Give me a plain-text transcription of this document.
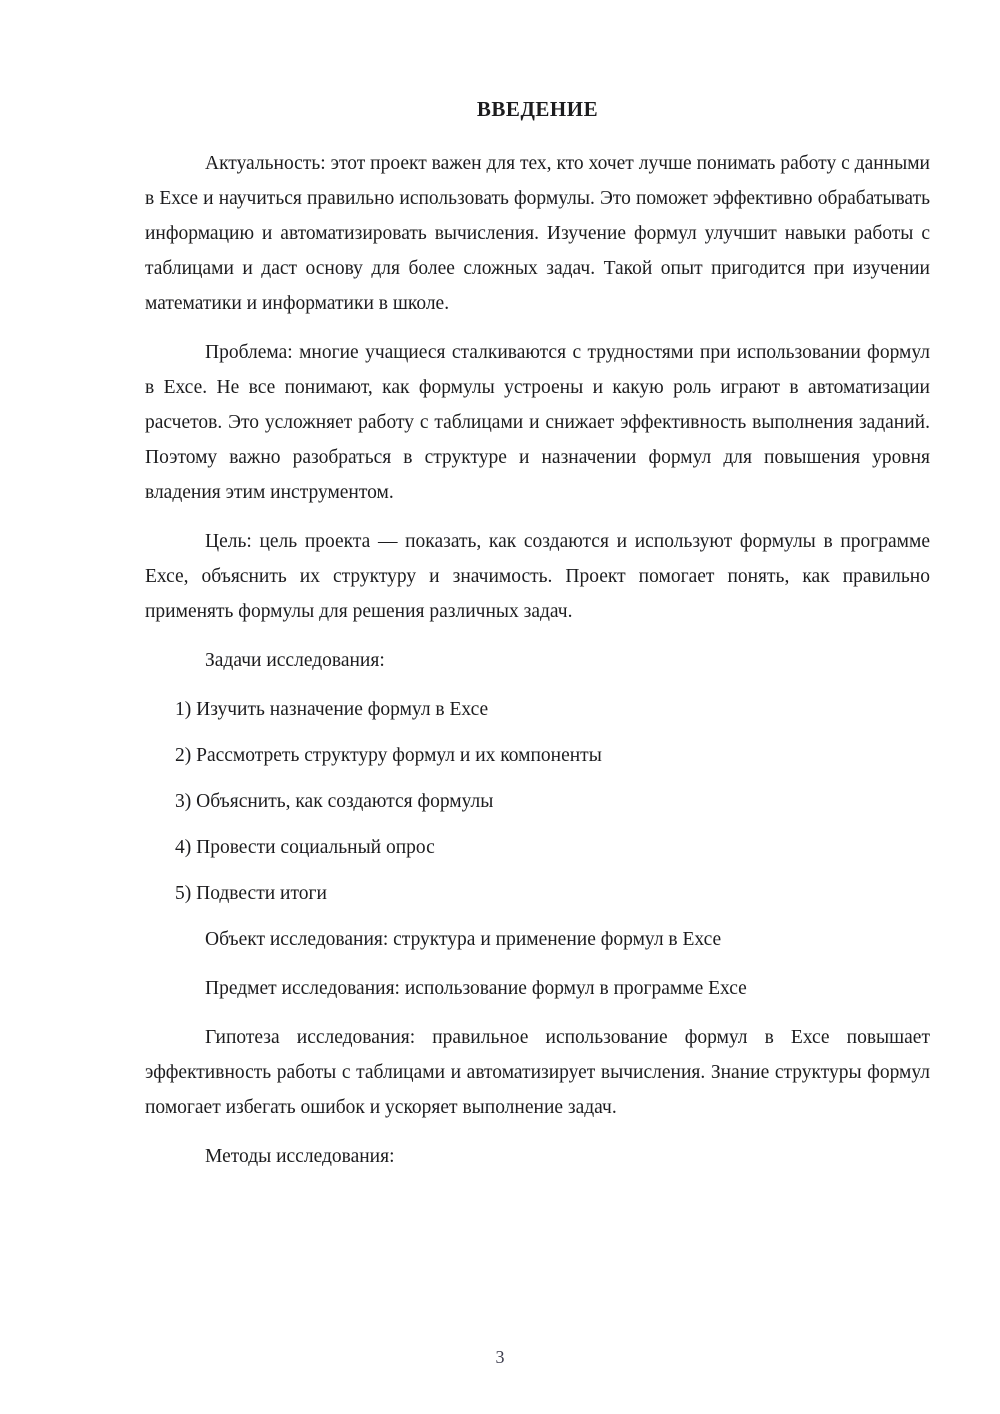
ВВЕДЕНИЕ

Актуальность: этот проект важен для тех, кто хочет лучше понимать работу с данными в Ехсе и научиться правильно использовать формулы. Это поможет эффективно обрабатывать информацию и автоматизировать вычисления. Изучение формул улучшит навыки работы с таблицами и даст основу для более сложных задач. Такой опыт пригодится при изучении математики и информатики в школе.

Проблема: многие учащиеся сталкиваются с трудностями при использовании формул в Ехсе. Не все понимают, как формулы устроены и какую роль играют в автоматизации расчетов. Это усложняет работу с таблицами и снижает эффективность выполнения заданий. Поэтому важно разобраться в структуре и назначении формул для повышения уровня владения этим инструментом.

Цель: цель проекта — показать, как создаются и используют формулы в программе Ехсе, объяснить их структуру и значимость. Проект помогает понять, как правильно применять формулы для решения различных задач.

Задачи исследования:

1) Изучить назначение формул в Ехсе
2) Рассмотреть структуру формул и их компоненты
3) Объяснить, как создаются формулы
4) Провести социальный опрос
5) Подвести итоги

Объект исследования: структура и применение формул в Ехсе

Предмет исследования: использование формул в программе Ехсе

Гипотеза исследования: правильное использование формул в Ехсе повышает эффективность работы с таблицами и автоматизирует вычисления. Знание структуры формул помогает избегать ошибок и ускоряет выполнение задач.

Методы исследования:

3
